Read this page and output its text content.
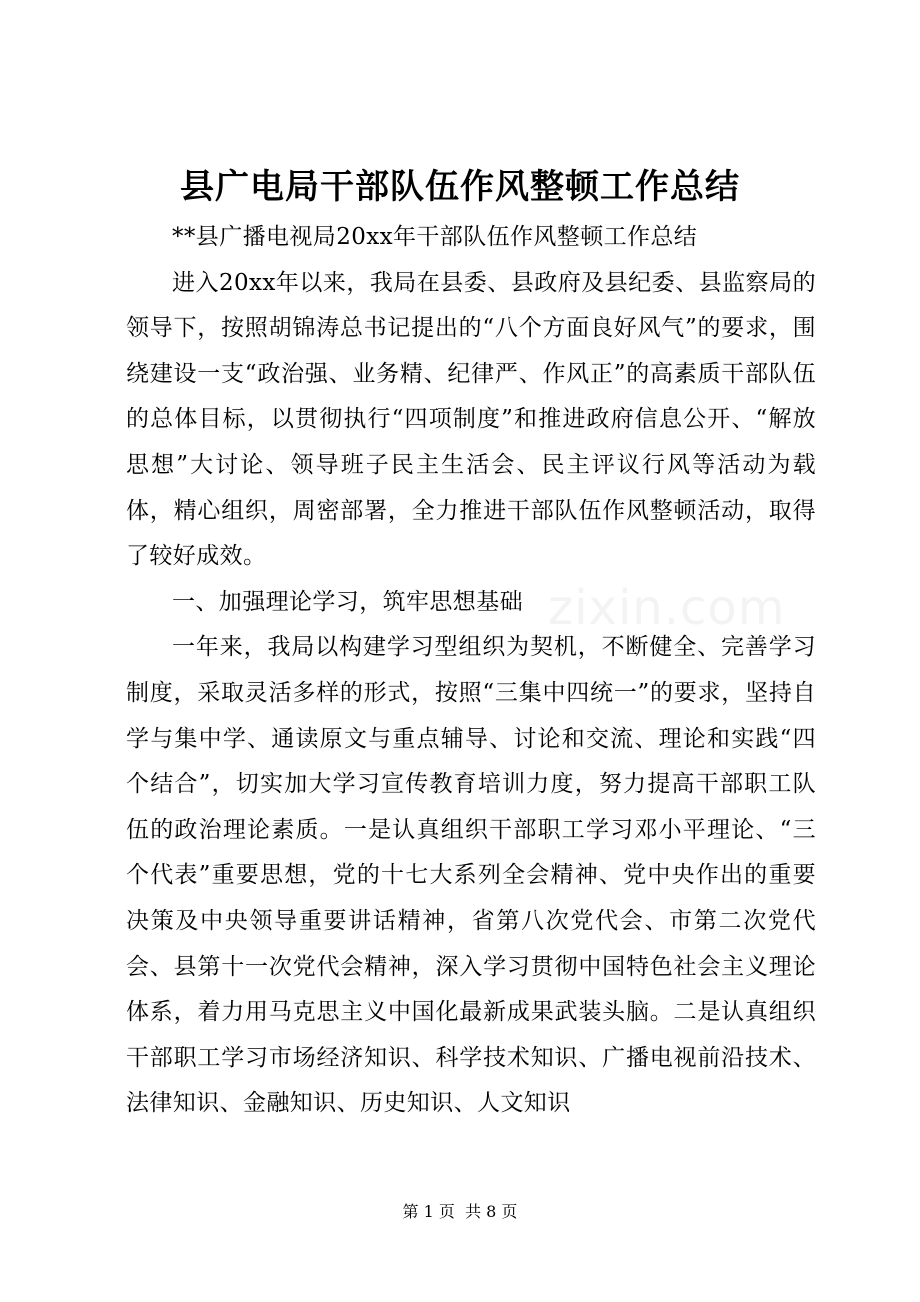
县广电局干部队伍作风整顿工作总结

**县广播电视局20xx年干部队伍作风整顿工作总结

进入20xx年以来，我局在县委、县政府及县纪委、县监察局的领导下，按照胡锦涛总书记提出的“八个方面良好风气”的要求，围绕建设一支“政治强、业务精、纪律严、作风正”的高素质干部队伍的总体目标，以贯彻执行“四项制度”和推进政府信息公开、“解放思想”大讨论、领导班子民主生活会、民主评议行风等活动为载体，精心组织，周密部署，全力推进干部队伍作风整顿活动，取得了较好成效。

一、加强理论学习，筑牢思想基础

一年来，我局以构建学习型组织为契机，不断健全、完善学习制度，采取灵活多样的形式，按照“三集中四统一”的要求，坚持自学与集中学、通读原文与重点辅导、讨论和交流、理论和实践“四个结合”，切实加大学习宣传教育培训力度，努力提高干部职工队伍的政治理论素质。一是认真组织干部职工学习邓小平理论、“三个代表”重要思想，党的十七大系列全会精神、党中央作出的重要决策及中央领导重要讲话精神，省第八次党代会、市第二次党代会、县第十一次党代会精神，深入学习贯彻中国特色社会主义理论体系，着力用马克思主义中国化最新成果武装头脑。二是认真组织干部职工学习市场经济知识、科学技术知识、广播电视前沿技术、法律知识、金融知识、历史知识、人文知识

zixin.com
第 1 页 共 8 页
